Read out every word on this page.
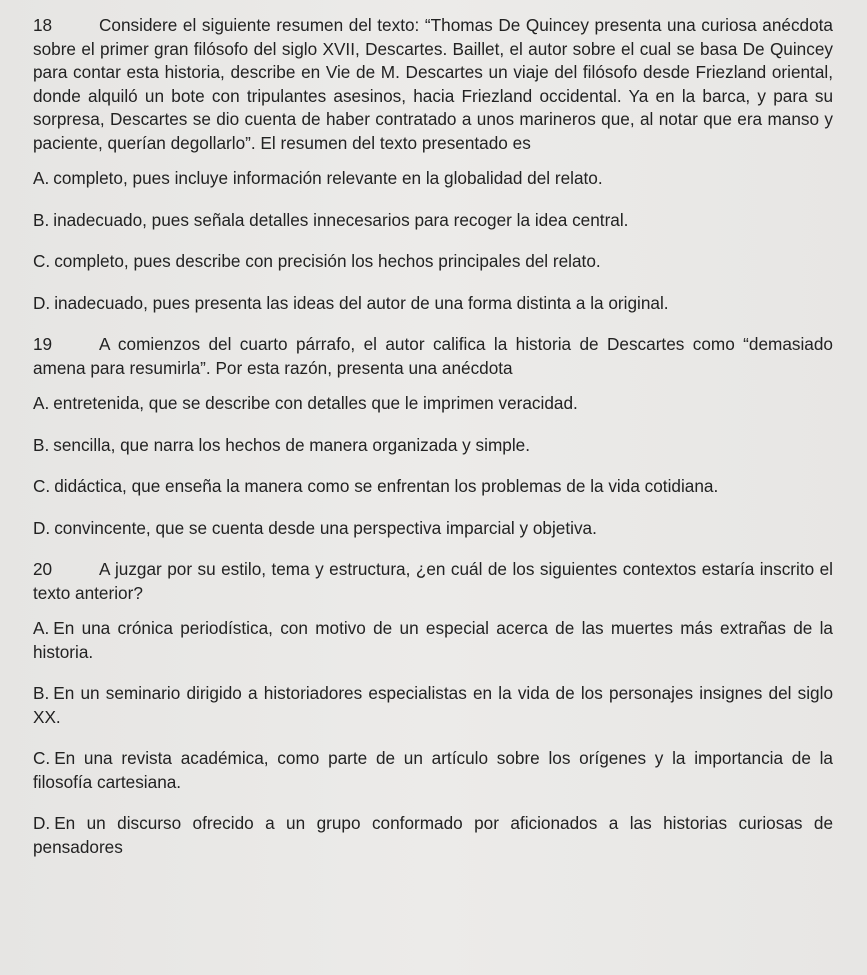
18	Considere el siguiente resumen del texto: “Thomas De Quincey presenta una curiosa anécdota sobre el primer gran filósofo del siglo XVII, Descartes. Baillet, el autor sobre el cual se basa De Quincey para contar esta historia, describe en Vie de M. Descartes un viaje del filósofo desde Friezland oriental, donde alquiló un bote con tripulantes asesinos, hacia Friezland occidental. Ya en la barca, y para su sorpresa, Descartes se dio cuenta de haber contratado a unos marineros que, al notar que era manso y paciente, querían degollarlo”. El resumen del texto presentado es

A. completo, pues incluye información relevante en la globalidad del relato.

B. inadecuado, pues señala detalles innecesarios para recoger la idea central.

C. completo, pues describe con precisión los hechos principales del relato.

D. inadecuado, pues presenta las ideas del autor de una forma distinta a la original.

19	A comienzos del cuarto párrafo, el autor califica la historia de Descartes como “demasiado amena para resumirla”. Por esta razón, presenta una anécdota

A. entretenida, que se describe con detalles que le imprimen veracidad.

B. sencilla, que narra los hechos de manera organizada y simple.

C. didáctica, que enseña la manera como se enfrentan los problemas de la vida cotidiana.

D. convincente, que se cuenta desde una perspectiva imparcial y objetiva.

20	A juzgar por su estilo, tema y estructura, ¿en cuál de los siguientes contextos estaría inscrito el texto anterior?

A. En una crónica periodística, con motivo de un especial acerca de las muertes más extrañas de la historia.

B. En un seminario dirigido a historiadores especialistas en la vida de los personajes insignes del siglo XX.

C. En una revista académica, como parte de un artículo sobre los orígenes y la importancia de la filosofía cartesiana.

D. En un discurso ofrecido a un grupo conformado por aficionados a las historias curiosas de pensadores
